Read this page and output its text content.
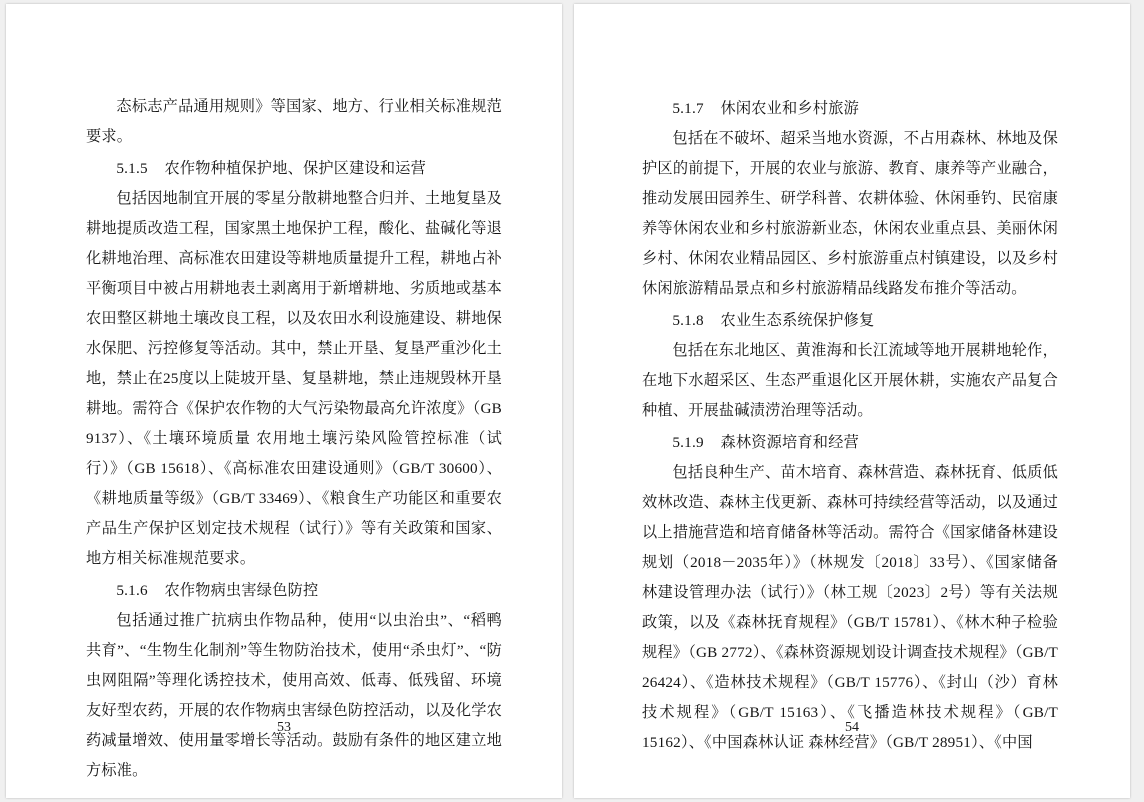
态标志产品通用规则》等国家、地方、行业相关标准规范要求。

5.1.5 农作物种植保护地、保护区建设和运营

包括因地制宜开展的零星分散耕地整合归并、土地复垦及耕地提质改造工程，国家黑土地保护工程，酸化、盐碱化等退化耕地治理、高标准农田建设等耕地质量提升工程，耕地占补平衡项目中被占用耕地表土剥离用于新增耕地、劣质地或基本农田整区耕地土壤改良工程，以及农田水利设施建设、耕地保水保肥、污控修复等活动。其中，禁止开垦、复垦严重沙化土地，禁止在25度以上陡坡开垦、复垦耕地，禁止违规毁林开垦耕地。需符合《保护农作物的大气污染物最高允许浓度》（GB 9137）、《土壤环境质量 农用地土壤污染风险管控标准（试行）》（GB 15618）、《高标准农田建设通则》（GB/T 30600）、《耕地质量等级》（GB/T 33469）、《粮食生产功能区和重要农产品生产保护区划定技术规程（试行）》等有关政策和国家、地方相关标准规范要求。

5.1.6 农作物病虫害绿色防控

包括通过推广抗病虫作物品种，使用“以虫治虫”、“稻鸭共育”、“生物生化制剂”等生物防治技术，使用“杀虫灯”、“防虫网阻隔”等理化诱控技术，使用高效、低毒、低残留、环境友好型农药，开展的农作物病虫害绿色防控活动，以及化学农药减量增效、使用量零增长等活动。鼓励有条件的地区建立地方标准。

53

5.1.7 休闲农业和乡村旅游

包括在不破坏、超采当地水资源，不占用森林、林地及保护区的前提下，开展的农业与旅游、教育、康养等产业融合，推动发展田园养生、研学科普、农耕体验、休闲垂钓、民宿康养等休闲农业和乡村旅游新业态，休闲农业重点县、美丽休闲乡村、休闲农业精品园区、乡村旅游重点村镇建设，以及乡村休闲旅游精品景点和乡村旅游精品线路发布推介等活动。

5.1.8 农业生态系统保护修复

包括在东北地区、黄淮海和长江流域等地开展耕地轮作，在地下水超采区、生态严重退化区开展休耕，实施农产品复合种植、开展盐碱渍涝治理等活动。

5.1.9 森林资源培育和经营

包括良种生产、苗木培育、森林营造、森林抚育、低质低效林改造、森林主伐更新、森林可持续经营等活动，以及通过以上措施营造和培育储备林等活动。需符合《国家储备林建设规划（2018－2035年）》（林规发〔2018〕33号）、《国家储备林建设管理办法（试行）》（林工规〔2023〕2号）等有关法规政策，以及《森林抚育规程》（GB/T 15781）、《林木种子检验规程》（GB 2772）、《森林资源规划设计调查技术规程》（GB/T 26424）、《造林技术规程》（GB/T 15776）、《封山（沙）育林技术规程》（GB/T 15163）、《飞播造林技术规程》（GB/T 15162）、《中国森林认证 森林经营》（GB/T 28951）、《中国

54
